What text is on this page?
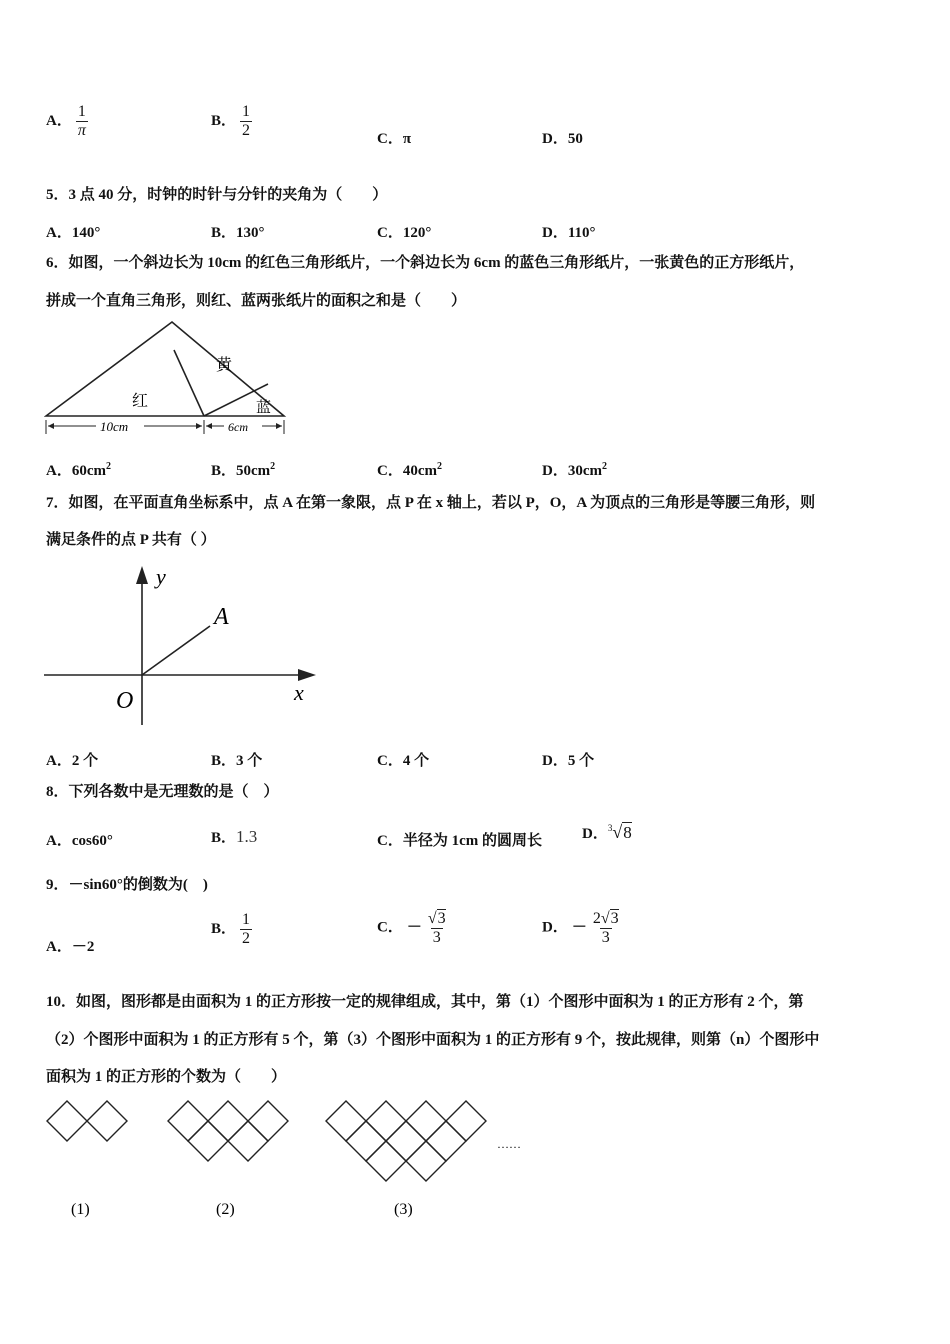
A． $\frac{1}{\pi}$	B． $\frac{1}{2}$	C．π	D．50
5．3 点 40 分，时钟的时针与分针的夹角为（　　）
A．140°	B．130°	C．120°	D．110°
6．如图，一个斜边长为 10cm 的红色三角形纸片，一个斜边长为 6cm 的蓝色三角形纸片，一张黄色的正方形纸片，
拼成一个直角三角形，则红、蓝两张纸片的面积之和是（　　）
黄
红	蓝
10cm	6cm
A．$60cm^2$	B．$50cm^2$	C．$40cm^2$	D．$30cm^2$
7．如图，在平面直角坐标系中，点 A 在第一象限，点 P 在 x 轴上，若以 P，O，A 为顶点的三角形是等腰三角形，则
满足条件的点 P 共有（ ）
y
x
O
A
A．2 个	B．3 个	C．4 个	D．5 个
8．下列各数中是无理数的是（　）
A．cos60°	B．1.3	C．半径为 1cm 的圆周长	D．$^3$√8
9．－sin60°的倒数为(　)
A．－2
B． $\frac{1}{2}$	C． － $\frac{√3}{3}$	D． － $\frac{2√3}{3}$
10．如图，图形都是由面积为 1 的正方形按一定的规律组成，其中，第（1）个图形中面积为 1 的正方形有 2 个，第
（2）个图形中面积为 1 的正方形有 5 个，第（3）个图形中面积为 1 的正方形有 9 个，按此规律，则第（n）个图形中
面积为 1 的正方形的个数为（　　）
……
(1)	(2)	(3)
